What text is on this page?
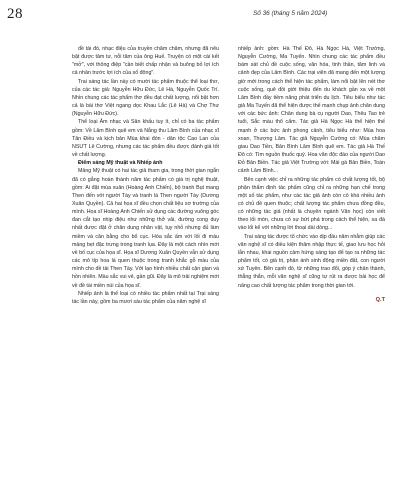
28	Số 36 (tháng 5 năm 2024)

đề tài đó, nhạc điệu của truyền chăm chăm, nhưng đã nêu bật được tâm tư, nỗi tâm của ông Huế. Truyện có một cái kết "mở", với thông điệp "cần biết chấp nhận và buông bỏ lợi ích cá nhân trước lợi ích của số đông".

Trai sáng tác lần này có mười tác phẩm thuộc thể loại thơ, của các tác giả: Nguyễn Hữu Đức, Lê Hà, Nguyễn Quốc Trí. Nhìn chung các tác phẩm thơ đều đạt chất lượng, nổi bật hơn cả là bài thơ Việt ngang dọc Khau Lắc (Lê Hà) và Chợ Thư (Nguyễn Hữu Đức).

Thể loại Âm nhạc và Sân khấu tuy ít, chỉ có ba tác phẩm gồm: Về Lâm Bình quê em và Nắng thu Lâm Bình của nhạc sĩ Tân Điều và kịch bản Mùa khai đón - dân tộc Cao Lan của NSƯT Lê Cường, nhưng các tác phẩm đều được đánh giá tốt về chất lượng.

Điểm sáng Mỹ thuật và Nhiếp ảnh

Mảng Mỹ thuật có hai tác giả tham gia, trong thời gian ngắn đã có gắng hoàn thành năm tác phẩm có giá trị nghệ thuật, gồm: Ai đặt mùa xuân (Hoàng Anh Chiến), bộ tranh Bụt mang Then đến với người Tày và tranh lá Then người Tày (Dương Xuân Quyền). Cả hai họa sĩ đều chọn chất liệu sơ trường của mình. Họa sĩ Hoàng Anh Chiến sử dụng các đường vuông góc đan cắt tạo nhịp điệu như những thở vải, đường cong duy nhất được đặt ở chân dung nhân vật, tụy nhỏ nhưng đủ làm miềm và cân bằng cho bố cục. Hòa sắc ấm với lối đi màu mảng bẹt đặc trưng trong tranh lụa. Đây là một cách nhìn mới về bố cục của họa sĩ. Họa sĩ Dương Xuân Quyền vẫn sử dụng các mô típ hoa lá quen thuộc trong tranh khắc gỗ màu của mình cho đề tài Then Tày. Với lạo hình nhiều chất cận gian và hồn nhiên. Màu sắc vui vẻ, gần gũi. Đây là mô trải nghiệm mới về đề tài miền núi của họa sĩ.

Nhiếp ảnh là thể loại có nhiều tác phẩm nhất tại Trại sáng tác lần này, gồm ba mươi sáu tác phẩm của năm nghệ sĩ

nhiếp ảnh: gồm: Hà Thế Đô, Hà Ngọc Hà, Việt Trường, Nguyễn Cường, Ma Tuyến. Nhìn chung các tác phẩm đều bám sát chủ đề cuộc sống, văn hóa, tinh thần, tâm linh và cảnh đẹp của Lâm Bình. Các trại viên đã mang đến một lượng giờ mới trong cách thể hiện tác phẩm, làm nổi bật lên nét thơ cuộc sống, quê đồi giới thiệu đến du khách gần xa về một Lâm Bình đầy tiềm năng phát triển du lịch. Tiêu biểu như tác giả Ma Tuyến đã thể hiện được thế mạnh chụp ảnh chân dung với các bức ảnh: Chân dung bà cụ người Dao, Thêu Tao trẻ tuổi, Sắc màu thổ cẩm. Tác giả Hà Ngọc Hà thể hiện thế mạnh ở các bức ảnh phong cảnh, tiêu biểu như: Mùa hoa xoan, Thượng Lâm. Tác giả Nguyễn Cường có: Mùa chăm giau Dao Tiền, Bản Bình Lâm Bình quê em. Tác giả Hà Thế Đô có: Tìm nguồn thuốc quý. Hoa văn độc đáo của người Dao Đỏ Bản Biền. Tác giả Việt Trường với: Mái gà Bản Biền, Toàn cảnh Lâm Bình...

Bên cạnh việc chỉ ra những tác phẩm có chất lượng tốt, bộ phận thẩm định tác phẩm cũng chỉ ra những hạn chế trong một số tác phẩm, như các tác giả ảnh còn có khá nhiều ảnh có chủ đề quen thuộc; chất lượng tác phẩm chưa đồng đều, có những tác giả (nhất là chuyên ngành Văn học) còn viết theo lối mòn, chưa có sự bứt phá trong cách thể hiện, sa đà vào lối kể với những lời thoại dài dòng...

Trai sáng tác được tổ chức vào dịp đầu năm nhằm giúp các văn nghệ sĩ có điều kiện thâm nhập thực tế, giao lưu học hỏi lẫn nhau, khai nguồn cảm hứng sáng tạo để tạo ra những tác phẩm tốt, có giá trị, phản ánh sinh động miền đất, con người xứ Tuyên. Bên cạnh đó, từ những trao đổi, góp ý chân thành, thẳng thắn, mỗi văn nghệ sĩ cũng tự rút ra được bài học để nâng cao chất lượng tác phẩm trong thời gian tới.

Q.T
